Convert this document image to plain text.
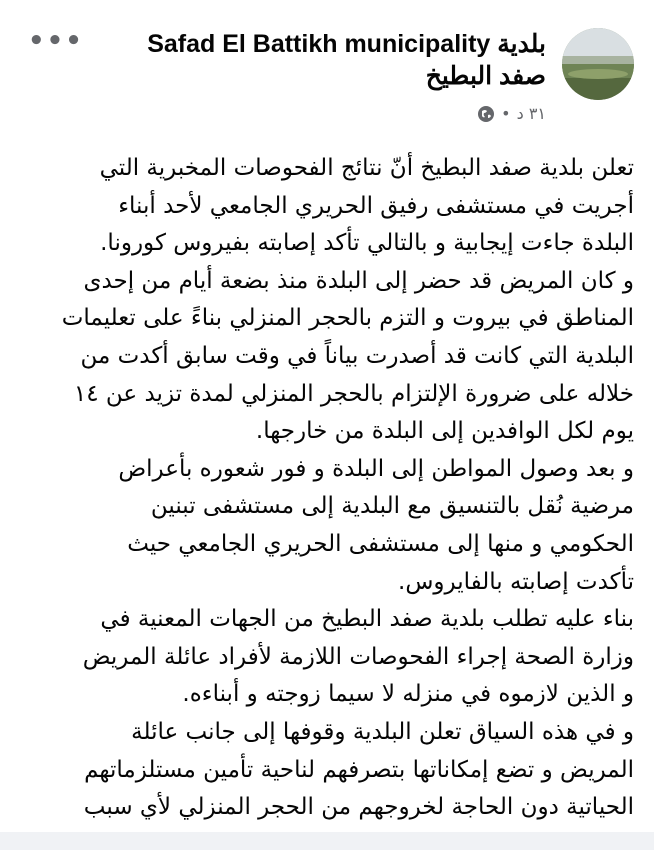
Safad El Battikh municipality بلدية
صفد البطيخ
٣١ د
•
•••
تعلن بلدية صفد البطيخ أنّ نتائج الفحوصات المخبرية التي
أجريت في مستشفى رفيق الحريري الجامعي لأحد أبناء
البلدة جاءت إيجابية و بالتالي تأكد إصابته بفيروس كورونا.
و كان المريض قد حضر إلى البلدة منذ بضعة أيام من إحدى
المناطق في بيروت و التزم بالحجر المنزلي بناءً على تعليمات
البلدية التي كانت قد أصدرت بياناً في وقت سابق أكدت من
خلاله على ضرورة الإلتزام بالحجر المنزلي لمدة تزيد عن ١٤
يوم لكل الوافدين إلى البلدة من خارجها.
و بعد وصول المواطن إلى البلدة و فور شعوره بأعراض
مرضية نُقل بالتنسيق مع البلدية إلى مستشفى تبنين
الحكومي و منها إلى مستشفى الحريري الجامعي حيث
تأكدت إصابته بالفايروس.
بناء عليه تطلب بلدية صفد البطيخ من الجهات المعنية في
وزارة الصحة إجراء الفحوصات اللازمة لأفراد عائلة المريض
و الذين لازموه في منزله لا سيما زوجته و أبناءه.
و في هذه السياق تعلن البلدية وقوفها إلى جانب عائلة
المريض و تضع إمكاناتها بتصرفهم لناحية تأمين مستلزماتهم
الحياتية دون الحاجة لخروجهم من الحجر المنزلي لأي سبب
